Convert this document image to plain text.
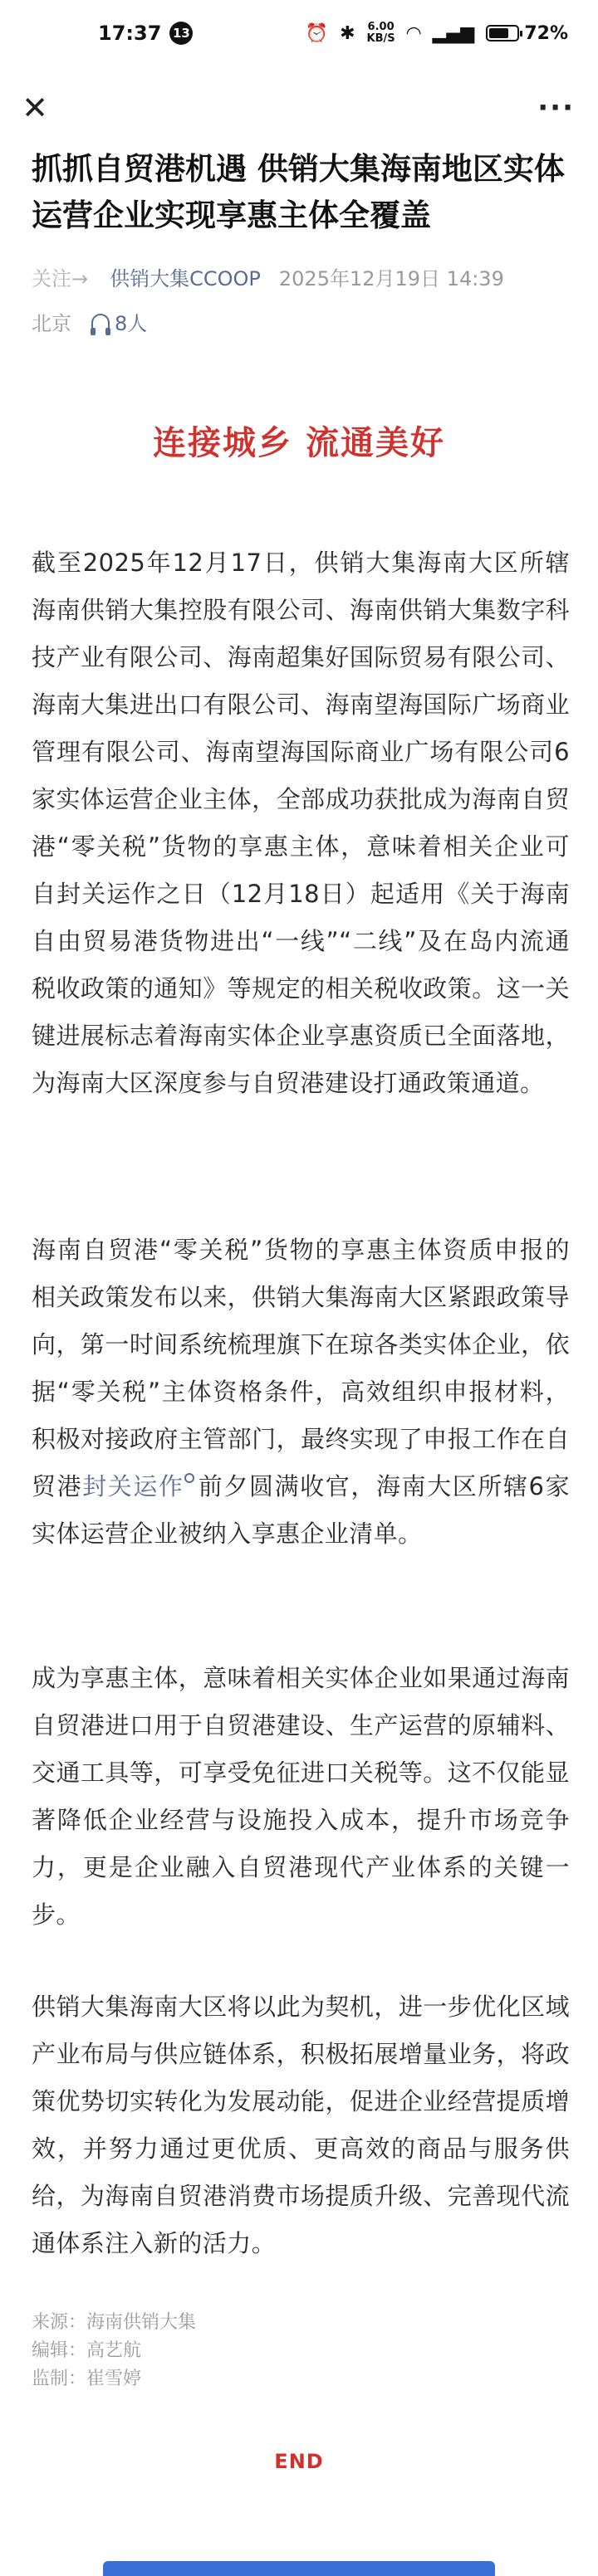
17:37 13	⏰ ✱ 6.00
KB/S ◠ ▂▄▆	72%
✕	···
抓抓自贸港机遇 供销大集海南地区实体运营企业实现享惠主体全覆盖
关注→ 供销大集CCOOP 2025年12月19日 14:39
北京 8人
连接城乡 流通美好

截至2025年12月17日，供销大集海南大区所辖海南供销大集控股有限公司、海南供销大集数字科技产业有限公司、海南超集好国际贸易有限公司、海南大集进出口有限公司、海南望海国际广场商业管理有限公司、海南望海国际商业广场有限公司6家实体运营企业主体，全部成功获批成为海南自贸港“零关税”货物的享惠主体，意味着相关企业可自封关运作之日（12月18日）起适用《关于海南自由贸易港货物进出“一线”“二线”及在岛内流通税收政策的通知》等规定的相关税收政策。这一关键进展标志着海南实体企业享惠资质已全面落地，为海南大区深度参与自贸港建设打通政策通道。

海南自贸港“零关税”货物的享惠主体资质申报的相关政策发布以来，供销大集海南大区紧跟政策导向，第一时间系统梳理旗下在琼各类实体企业，依据“零关税”主体资格条件，高效组织申报材料，积极对接政府主管部门，最终实现了申报工作在自贸港封关运作 前夕圆满收官，海南大区所辖6家实体运营企业被纳入享惠企业清单。

成为享惠主体，意味着相关实体企业如果通过海南自贸港进口用于自贸港建设、生产运营的原辅料、交通工具等，可享受免征进口关税等。这不仅能显著降低企业经营与设施投入成本，提升市场竞争力，更是企业融入自贸港现代产业体系的关键一步。

供销大集海南大区将以此为契机，进一步优化区域产业布局与供应链体系，积极拓展增量业务，将政策优势切实转化为发展动能，促进企业经营提质增效，并努力通过更优质、更高效的商品与服务供给，为海南自贸港消费市场提质升级、完善现代流通体系注入新的活力。

来源：海南供销大集
编辑：高艺航
监制：崔雪婷
END
